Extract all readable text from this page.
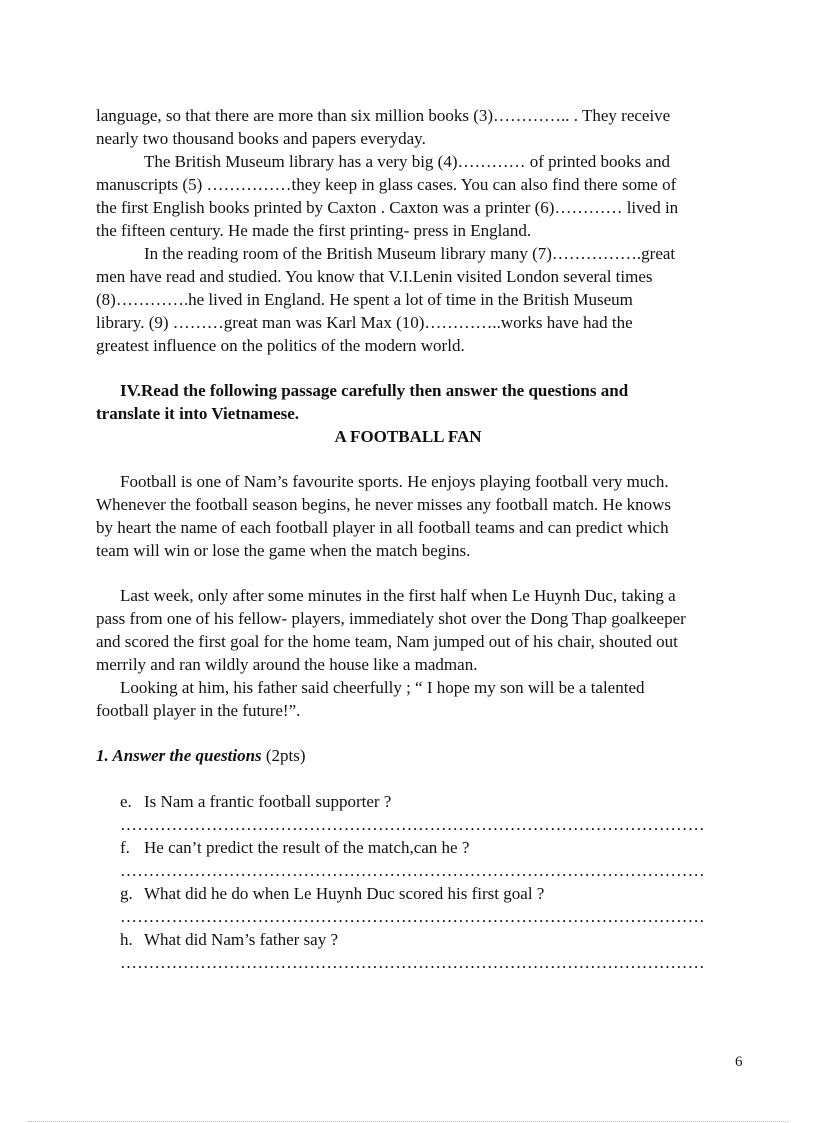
language, so that there are more than six million books (3)………….. . They receive
nearly two thousand books and papers everyday.
The British Museum library has a very big (4)………… of printed books and
manuscripts (5) ……………they keep in glass cases. You can also find there some of
the first English books printed by Caxton . Caxton was a printer (6)………… lived in
the fifteen century. He made the first printing- press in England.
In the reading room of the British Museum library many (7)…………….great
men have read and studied. You know that V.I.Lenin visited London several times
(8)………….he lived in England. He spent a lot of time in the British Museum
library. (9) ………great man was Karl Max (10)…………..works have had the
greatest influence on the politics of the modern world.
IV.Read the following passage carefully then answer the questions and
translate it into Vietnamese.
A FOOTBALL FAN
Football is one of Nam’s favourite sports. He enjoys playing football very much.
Whenever the football season begins, he never misses any football match. He knows
by heart the name of each football player in all football teams and can predict which
team will win or lose the game when the match begins.
Last week, only after some minutes in the first half when Le Huynh Duc, taking a
pass from one of his fellow- players, immediately shot over the Dong Thap goalkeeper
and scored the first goal for the home team, Nam jumped out of his chair, shouted out
merrily and ran wildly around the house like a madman.
Looking at him, his father said cheerfully ; “ I hope my son will be a talented
football player in the future!”.
1. Answer the questions (2pts)
e. Is Nam a frantic football supporter ?
…………………………………………………………………………………………
f. He can’t predict the result of the match,can he ?
…………………………………………………………………………………………
g. What did he do when Le Huynh Duc scored his first goal ?
…………………………………………………………………………………………
h. What did Nam’s father say ?
…………………………………………………………………………………………
6
